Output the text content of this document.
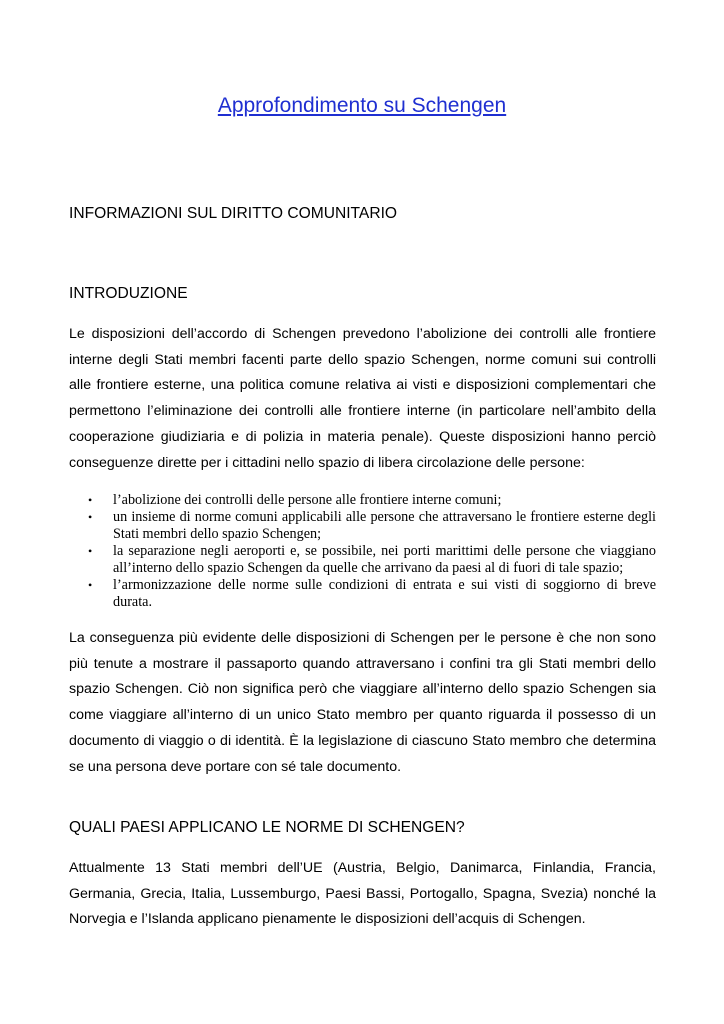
Approfondimento su Schengen
INFORMAZIONI SUL DIRITTO COMUNITARIO
INTRODUZIONE

Le disposizioni dell’accordo di Schengen prevedono l’abolizione dei controlli alle frontiere interne degli Stati membri facenti parte dello spazio Schengen, norme comuni sui controlli alle frontiere esterne, una politica comune relativa ai visti e disposizioni complementari che permettono l’eliminazione dei controlli alle frontiere interne (in particolare nell’ambito della cooperazione giudiziaria e di polizia in materia penale). Queste disposizioni hanno perciò conseguenze dirette per i cittadini nello spazio di libera circolazione delle persone:

•	l’abolizione dei controlli delle persone alle frontiere interne comuni;
•	un insieme di norme comuni applicabili alle persone che attraversano le frontiere esterne degli Stati membri dello spazio Schengen;
•	la separazione negli aeroporti e, se possibile, nei porti marittimi delle persone che viaggiano all’interno dello spazio Schengen da quelle che arrivano da paesi al di fuori di tale spazio;
•	l’armonizzazione delle norme sulle condizioni di entrata e sui visti di soggiorno di breve durata.

La conseguenza più evidente delle disposizioni di Schengen per le persone è che non sono più tenute a mostrare il passaporto quando attraversano i confini tra gli Stati membri dello spazio Schengen. Ciò non significa però che viaggiare all’interno dello spazio Schengen sia come viaggiare all’interno di un unico Stato membro per quanto riguarda il possesso di un documento di viaggio o di identità. È la legislazione di ciascuno Stato membro che determina se una persona deve portare con sé tale documento.

QUALI PAESI APPLICANO LE NORME DI SCHENGEN?

Attualmente 13 Stati membri dell’UE (Austria, Belgio, Danimarca, Finlandia, Francia, Germania, Grecia, Italia, Lussemburgo, Paesi Bassi, Portogallo, Spagna, Svezia) nonché la Norvegia e l’Islanda applicano pienamente le disposizioni dell’acquis di Schengen.
